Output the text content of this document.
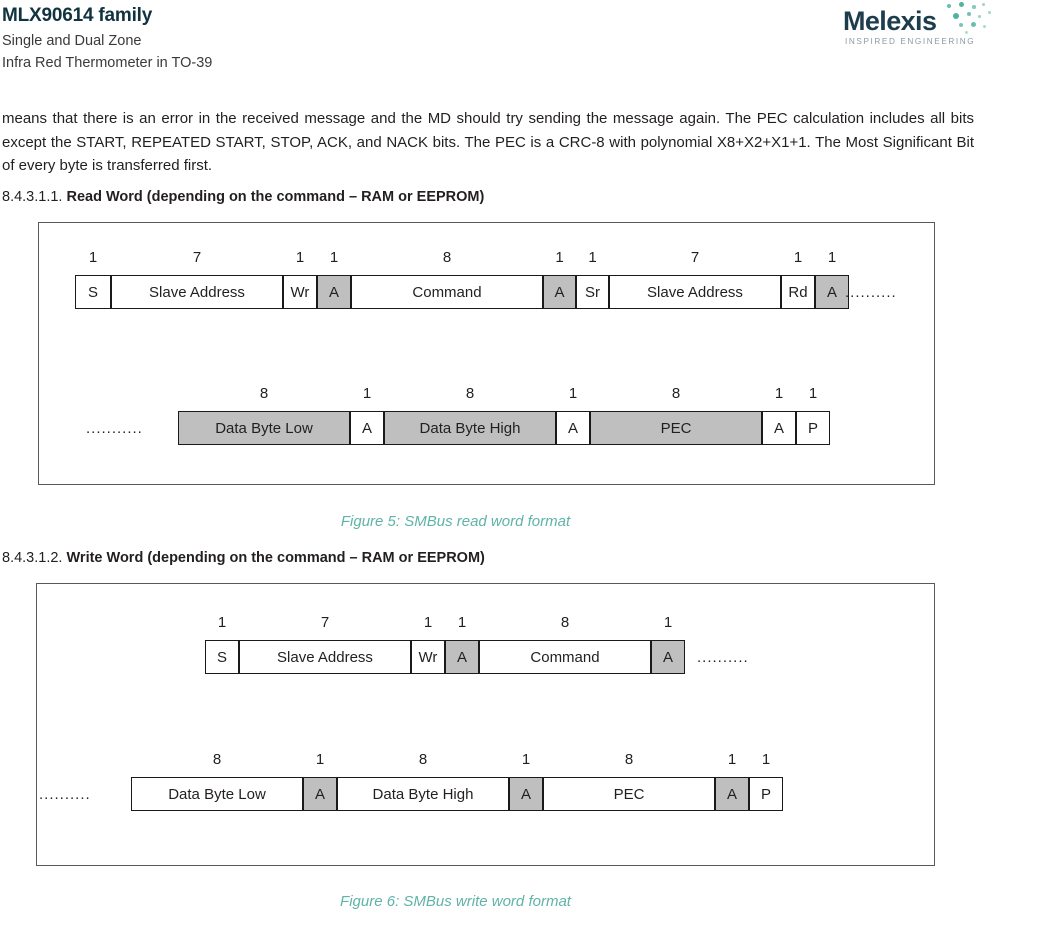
MLX90614 family
Single and Dual Zone
Infra Red Thermometer in TO-39
Melexis
INSPIRED ENGINEERING
means that there is an error in the received message and the MD should try sending the message again. The PEC calculation includes all bits except the START, REPEATED START, STOP, ACK, and NACK bits. The PEC is a CRC-8 with polynomial X8+X2+X1+1. The Most Significant Bit of every byte is transferred first.
8.4.3.1.1. Read Word (depending on the command – RAM or EEPROM)
1
S
7
Slave Address
1
Wr
1
A
8
Command
1
A
1
Sr
7
Slave Address
1
Rd
1
A ..........
...........
8
Data Byte Low
1
A
8
Data Byte High
1
A
8
PEC
1
A
1
P
Figure 5: SMBus read word format
8.4.3.1.2. Write Word (depending on the command – RAM or EEPROM)
1
S
7
Slave Address
1
Wr
1
A
8
Command
1
A ..........
..........
8
Data Byte Low
1
A
8
Data Byte High
1
A
8
PEC
1
A
1
P
Figure 6: SMBus write word format
